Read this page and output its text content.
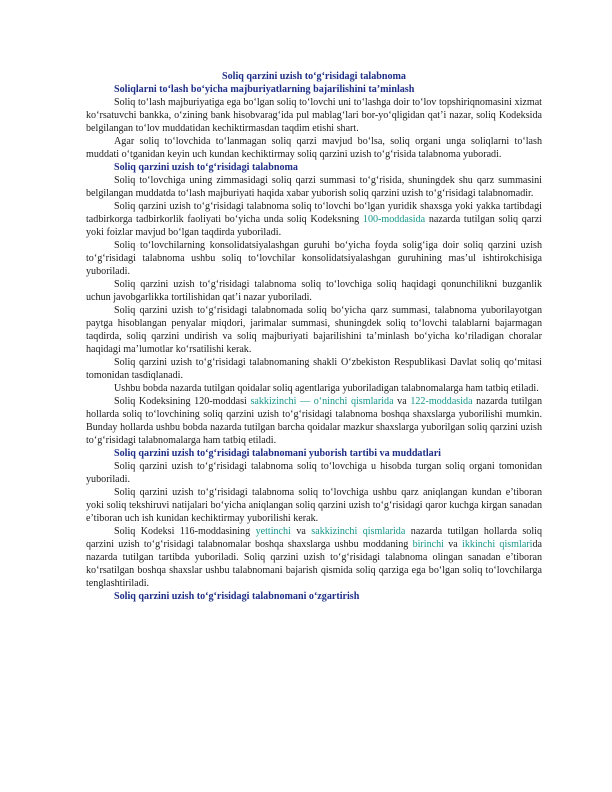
Soliq qarzini uzish to‘g‘risidagi talabnoma

Soliqlarni to‘lash bo‘yicha majburiyatlarning bajarilishini ta’minlash

Soliq to‘lash majburiyatiga ega bo‘lgan soliq to‘lovchi uni to‘lashga doir to‘lov topshiriqnomasini xizmat ko‘rsatuvchi bankka, o‘zining bank hisobvarag‘ida pul mablag‘lari bor-yo‘qligidan qat’i nazar, soliq Kodeksida belgilangan to‘lov muddatidan kechiktirmasdan taqdim etishi shart.

Agar soliq to‘lovchida to‘lanmagan soliq qarzi mavjud bo‘lsa, soliq organi unga soliqlarni to‘lash muddati o‘tganidan keyin uch kundan kechiktirmay soliq qarzini uzish to‘g‘risida talabnoma yuboradi.

Soliq qarzini uzish to‘g‘risidagi talabnoma

Soliq to‘lovchiga uning zimmasidagi soliq qarzi summasi to‘g‘risida, shuningdek shu qarz summasini belgilangan muddatda to‘lash majburiyati haqida xabar yuborish soliq qarzini uzish to‘g‘risidagi talabnomadir.

Soliq qarzini uzish to‘g‘risidagi talabnoma soliq to‘lovchi bo‘lgan yuridik shaxsga yoki yakka tartibdagi tadbirkorga tadbirkorlik faoliyati bo‘yicha unda soliq Kodeksning 100-moddasida nazarda tutilgan soliq qarzi yoki foizlar mavjud bo‘lgan taqdirda yuboriladi.

Soliq to‘lovchilarning konsolidatsiyalashgan guruhi bo‘yicha foyda solig‘iga doir soliq qarzini uzish to‘g‘risidagi talabnoma ushbu soliq to‘lovchilar konsolidatsiyalashgan guruhining mas’ul ishtirokchisiga yuboriladi.

Soliq qarzini uzish to‘g‘risidagi talabnoma soliq to‘lovchiga soliq haqidagi qonunchilikni buzganlik uchun javobgarlikka tortilishidan qat’i nazar yuboriladi.

Soliq qarzini uzish to‘g‘risidagi talabnomada soliq bo‘yicha qarz summasi, talabnoma yuborilayotgan paytga hisoblangan penyalar miqdori, jarimalar summasi, shuningdek soliq to‘lovchi talablarni bajarmagan taqdirda, soliq qarzini undirish va soliq majburiyati bajarilishini ta’minlash bo‘yicha ko‘riladigan choralar haqidagi ma’lumotlar ko‘rsatilishi kerak.

Soliq qarzini uzish to‘g‘risidagi talabnomaning shakli O‘zbekiston Respublikasi Davlat soliq qo‘mitasi tomonidan tasdiqlanadi.

Ushbu bobda nazarda tutilgan qoidalar soliq agentlariga yuboriladigan talabnomalarga ham tatbiq etiladi.

Soliq Kodeksining 120-moddasi sakkizinchi — o‘ninchi qismlarida va 122-moddasida nazarda tutilgan hollarda soliq to‘lovchining soliq qarzini uzish to‘g‘risidagi talabnoma boshqa shaxslarga yuborilishi mumkin. Bunday hollarda ushbu bobda nazarda tutilgan barcha qoidalar mazkur shaxslarga yuborilgan soliq qarzini uzish to‘g‘risidagi talabnomalarga ham tatbiq etiladi.

Soliq qarzini uzish to‘g‘risidagi talabnomani yuborish tartibi va muddatlari

Soliq qarzini uzish to‘g‘risidagi talabnoma soliq to‘lovchiga u hisobda turgan soliq organi tomonidan yuboriladi.

Soliq qarzini uzish to‘g‘risidagi talabnoma soliq to‘lovchiga ushbu qarz aniqlangan kundan e’tiboran yoki soliq tekshiruvi natijalari bo‘yicha aniqlangan soliq qarzini uzish to‘g‘risidagi qaror kuchga kirgan sanadan e’tiboran uch ish kunidan kechiktirmay yuborilishi kerak.

Soliq Kodeksi 116-moddasining yettinchi va sakkizinchi qismlarida nazarda tutilgan hollarda soliq qarzini uzish to‘g‘risidagi talabnomalar boshqa shaxslarga ushbu moddaning birinchi va ikkinchi qismlarida nazarda tutilgan tartibda yuboriladi. Soliq qarzini uzish to‘g‘risidagi talabnoma olingan sanadan e’tiboran ko‘rsatilgan boshqa shaxslar ushbu talabnomani bajarish qismida soliq qarziga ega bo‘lgan soliq to‘lovchilarga tenglashtiriladi.

Soliq qarzini uzish to‘g‘risidagi talabnomani o‘zgartirish
